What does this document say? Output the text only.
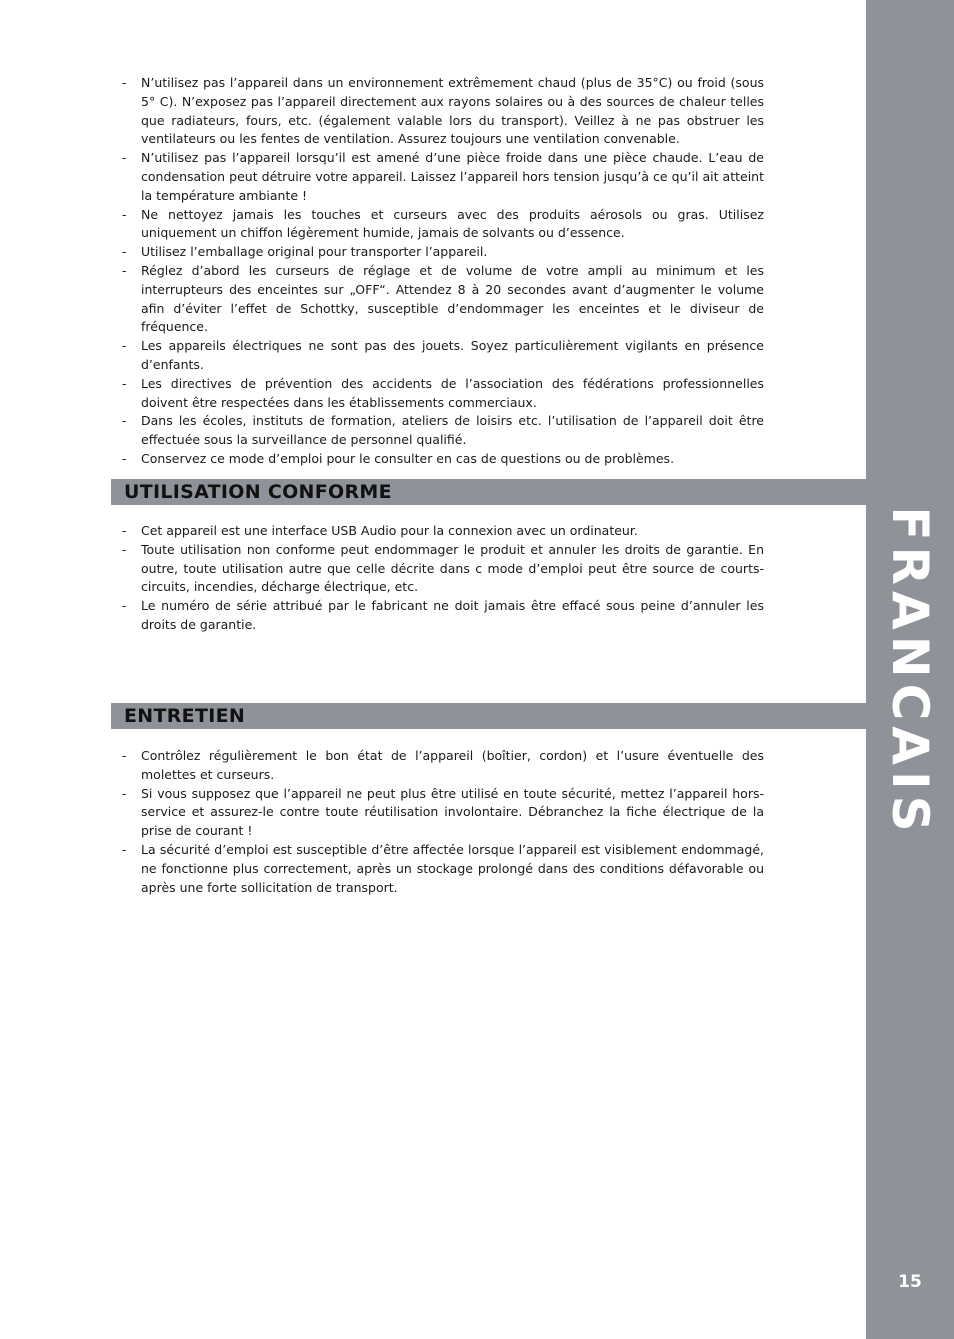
FRANCAIS
15
- N’utilisez pas l’appareil dans un environnement extrêmement chaud (plus de 35°C) ou froid (sous 5° C). N’exposez pas l’appareil directement aux rayons solaires ou à des sources de chaleur telles que radiateurs, fours, etc. (également valable lors du transport). Veillez à ne pas obstruer les ventilateurs ou les fentes de ventilation. Assurez toujours une ventilation convenable.
- N’utilisez pas l’appareil lorsqu’il est amené d’une pièce froide dans une pièce chaude. L’eau de condensation peut détruire votre appareil. Laissez l’appareil hors tension jusqu’à ce qu’il ait atteint la température ambiante !
- Ne nettoyez jamais les touches et curseurs avec des produits aérosols ou gras. Utilisez uniquement un chiffon légèrement humide, jamais de solvants ou d’essence.
- Utilisez l’emballage original pour transporter l’appareil.
- Réglez d’abord les curseurs de réglage et de volume de votre ampli au minimum et les interrupteurs des enceintes sur „OFF“. Attendez 8 à 20 secondes avant d’augmenter le volume afin d’éviter l’effet de Schottky, susceptible d’endommager les enceintes et le diviseur de fréquence.
- Les appareils électriques ne sont pas des jouets. Soyez particulièrement vigilants en présence d’enfants.
- Les directives de prévention des accidents de l’association des fédérations professionnelles doivent être respectées dans les établissements commerciaux.
- Dans les écoles, instituts de formation, ateliers de loisirs etc. l’utilisation de l’appareil doit être effectuée sous la surveillance de personnel qualifié.
- Conservez ce mode d’emploi pour le consulter en cas de questions ou de problèmes.
UTILISATION CONFORME
- Cet appareil est une interface USB Audio pour la connexion avec un ordinateur.
- Toute utilisation non conforme peut endommager le produit et annuler les droits de garantie. En outre, toute utilisation autre que celle décrite dans c mode d’emploi peut être source de courts-circuits, incendies, décharge électrique, etc.
- Le numéro de série attribué par le fabricant ne doit jamais être effacé sous peine d’annuler les droits de garantie.
ENTRETIEN
- Contrôlez régulièrement le bon état de l’appareil (boîtier, cordon) et l’usure éventuelle des molettes et curseurs.
- Si vous supposez que l’appareil ne peut plus être utilisé en toute sécurité, mettez l’appareil hors-service et assurez-le contre toute réutilisation involontaire. Débranchez la fiche électrique de la prise de courant !
- La sécurité d’emploi est susceptible d’être affectée lorsque l’appareil est visiblement endommagé, ne fonctionne plus correctement, après un stockage prolongé dans des conditions défavorable ou après une forte sollicitation de transport.
